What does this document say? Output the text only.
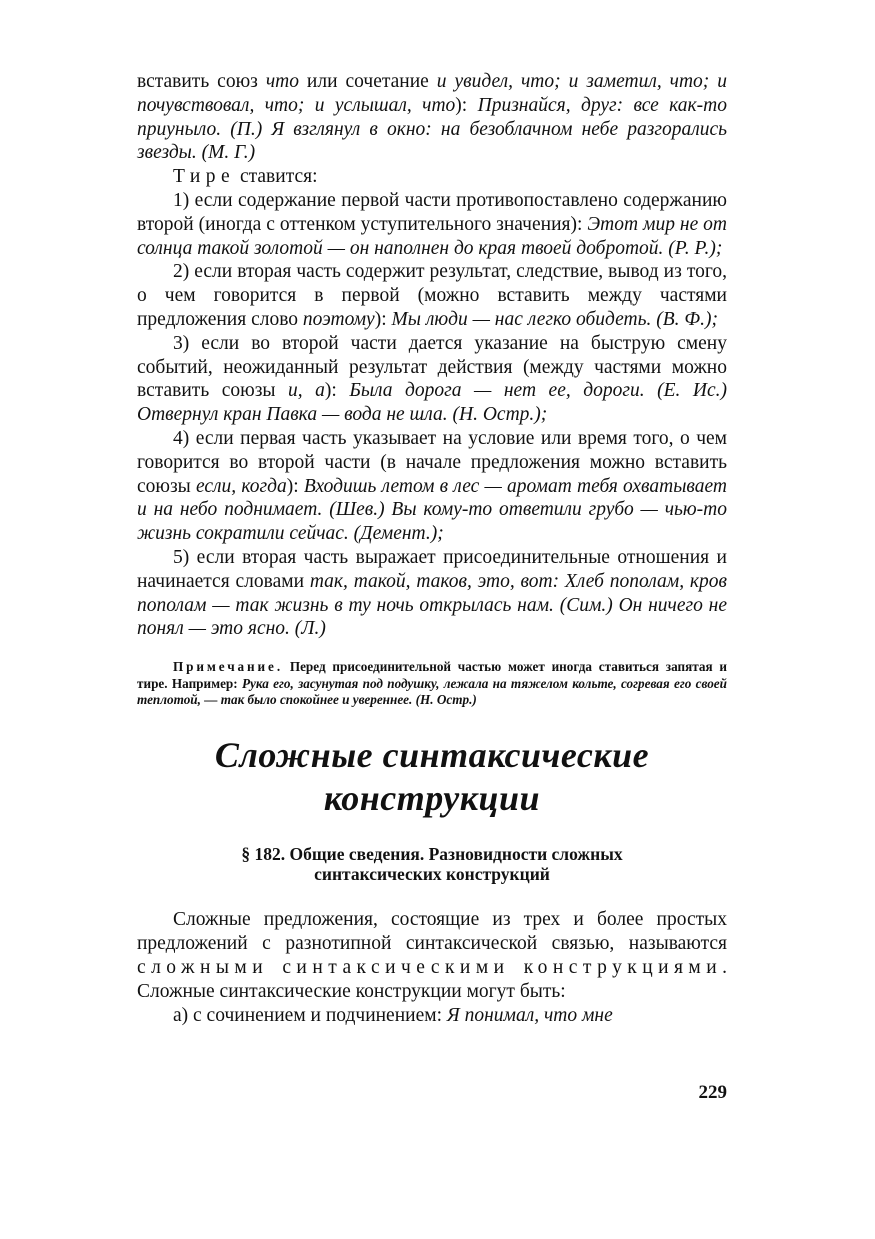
вставить союз что или сочетание и увидел, что; и заметил, что; и почувствовал, что; и услышал, что): Признайся, друг: все как-то приуныло. (П.) Я взглянул в окно: на безоблачном небе разгорались звезды. (М. Г.)

Тире ставится:

1) если содержание первой части противопоставлено содержанию второй (иногда с оттенком уступительного значения): Этот мир не от солнца такой золотой — он наполнен до края твоей добротой. (Р. Р.);

2) если вторая часть содержит результат, следствие, вывод из того, о чем говорится в первой (можно вставить между частями предложения слово поэтому): Мы люди — нас легко обидеть. (В. Ф.);

3) если во второй части дается указание на быструю смену событий, неожиданный результат действия (между частями можно вставить союзы и, а): Была дорога — нет ее, дороги. (Е. Ис.) Отвернул кран Павка — вода не шла. (Н. Остр.);

4) если первая часть указывает на условие или время того, о чем говорится во второй части (в начале предложения можно вставить союзы если, когда): Входишь летом в лес — аромат тебя охватывает и на небо поднимает. (Шев.) Вы кому-то ответили грубо — чью-то жизнь сократили сейчас. (Демент.);

5) если вторая часть выражает присоединительные отношения и начинается словами так, такой, таков, это, вот: Хлеб пополам, кров пополам — так жизнь в ту ночь открылась нам. (Сим.) Он ничего не понял — это ясно. (Л.)

Примечание. Перед присоединительной частью может иногда ставиться запятая и тире. Например: Рука его, засунутая под подушку, лежала на тяжелом кольте, согревая его своей теплотой, — так было спокойнее и увереннее. (Н. Остр.)

Сложные синтаксические
конструкции
§ 182. Общие сведения. Разновидности сложных
синтаксических конструкций

Сложные предложения, состоящие из трех и более простых предложений с разнотипной синтаксической связью, называются сложными синтаксическими конструкциями. Сложные синтаксические конструкции могут быть:

а) с сочинением и подчинением: Я понимал, что мне

229
